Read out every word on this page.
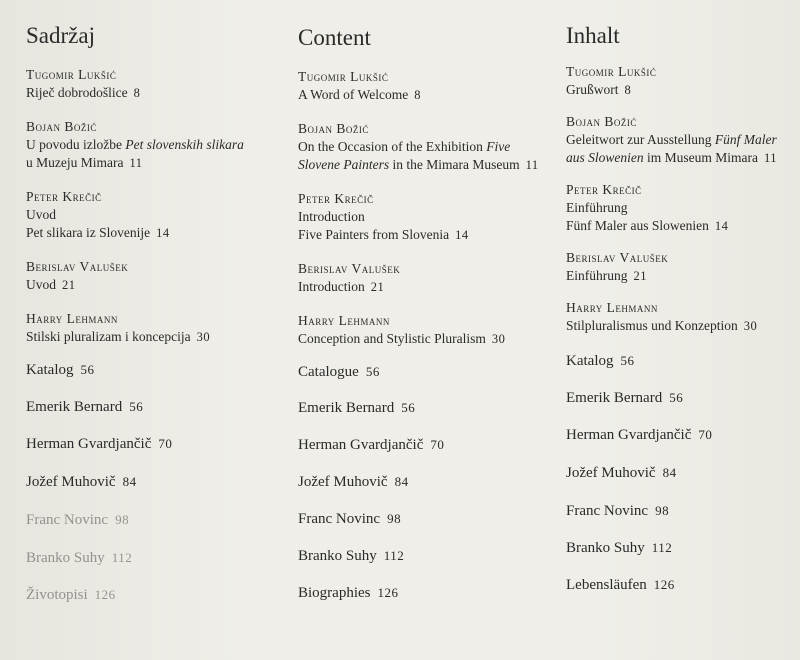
Sadržaj
Tugomir Lukšić
Riječ dobrodošlice 8
Bojan Božić
U povodu izložbe Pet slovenskih slikara
u Muzeju Mimara 11
Peter Krečič
Uvod
Pet slikara iz Slovenije 14
Berislav Valušek
Uvod 21
Harry Lehmann
Stilski pluralizam i koncepcija 30
Katalog 56
Emerik Bernard 56
Herman Gvardjančič 70
Jožef Muhovič 84
Franc Novinc 98
Branko Suhy 112
Životopisi 126
Content
Tugomir Lukšić
A Word of Welcome 8
Bojan Božić
On the Occasion of the Exhibition Five
Slovene Painters in the Mimara Museum 11
Peter Krečič
Introduction
Five Painters from Slovenia 14
Berislav Valušek
Introduction 21
Harry Lehmann
Conception and Stylistic Pluralism 30
Catalogue 56
Emerik Bernard 56
Herman Gvardjančič 70
Jožef Muhovič 84
Franc Novinc 98
Branko Suhy 112
Biographies 126
Inhalt
Tugomir Lukšić
Grußwort 8
Bojan Božić
Geleitwort zur Ausstellung Fünf Maler
aus Slowenien im Museum Mimara 11
Peter Krečič
Einführung
Fünf Maler aus Slowenien 14
Berislav Valušek
Einführung 21
Harry Lehmann
Stilpluralismus und Konzeption 30
Katalog 56
Emerik Bernard 56
Herman Gvardjančič 70
Jožef Muhovič 84
Franc Novinc 98
Branko Suhy 112
Lebensläufen 126
